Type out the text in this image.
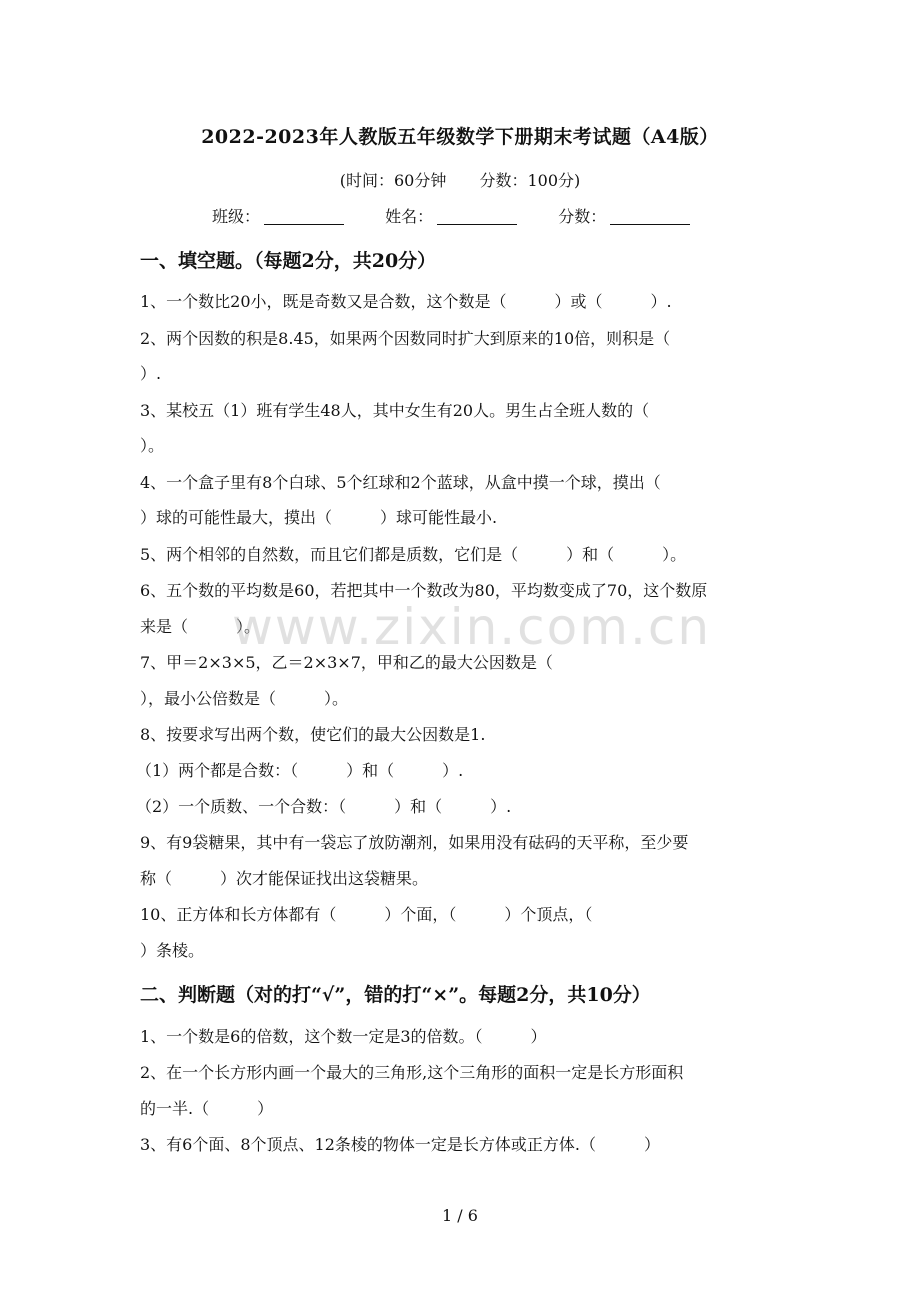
2022-2023年人教版五年级数学下册期末考试题（A4版）
(时间：60分钟 分数：100分)
班级：	姓名：	分数：
一、填空题。（每题2分，共20分）
1、一个数比20小，既是奇数又是合数，这个数是（　　　）或（　　　）.
2、两个因数的积是8.45，如果两个因数同时扩大到原来的10倍，则积是（
）.
3、某校五（1）班有学生48人，其中女生有20人。男生占全班人数的（
）。
4、一个盒子里有8个白球、5个红球和2个蓝球，从盒中摸一个球，摸出（
）球的可能性最大，摸出（　　　）球可能性最小.
5、两个相邻的自然数，而且它们都是质数，它们是（　　　）和（　　　）。
6、五个数的平均数是60，若把其中一个数改为80，平均数变成了70，这个数原
来是（　　　）。
7、甲＝2×3×5，乙＝2×3×7，甲和乙的最大公因数是（
），最小公倍数是（　　　）。
8、按要求写出两个数，使它们的最大公因数是1.
（1）两个都是合数：（　　　）和（　　　）.
（2）一个质数、一个合数：（　　　）和（　　　）.
9、有9袋糖果，其中有一袋忘了放防潮剂，如果用没有砝码的天平称，至少要
称（　　　）次才能保证找出这袋糖果。
10、正方体和长方体都有（　　　）个面，（　　　）个顶点，（
）条棱。
二、判断题（对的打“√”，错的打“×”。每题2分，共10分）
1、一个数是6的倍数，这个数一定是3的倍数。（　　　）
2、在一个长方形内画一个最大的三角形,这个三角形的面积一定是长方形面积
的一半.（　　　）
3、有6个面、8个顶点、12条棱的物体一定是长方体或正方体.（　　　）
www.zixin.com.cn
1 / 6
